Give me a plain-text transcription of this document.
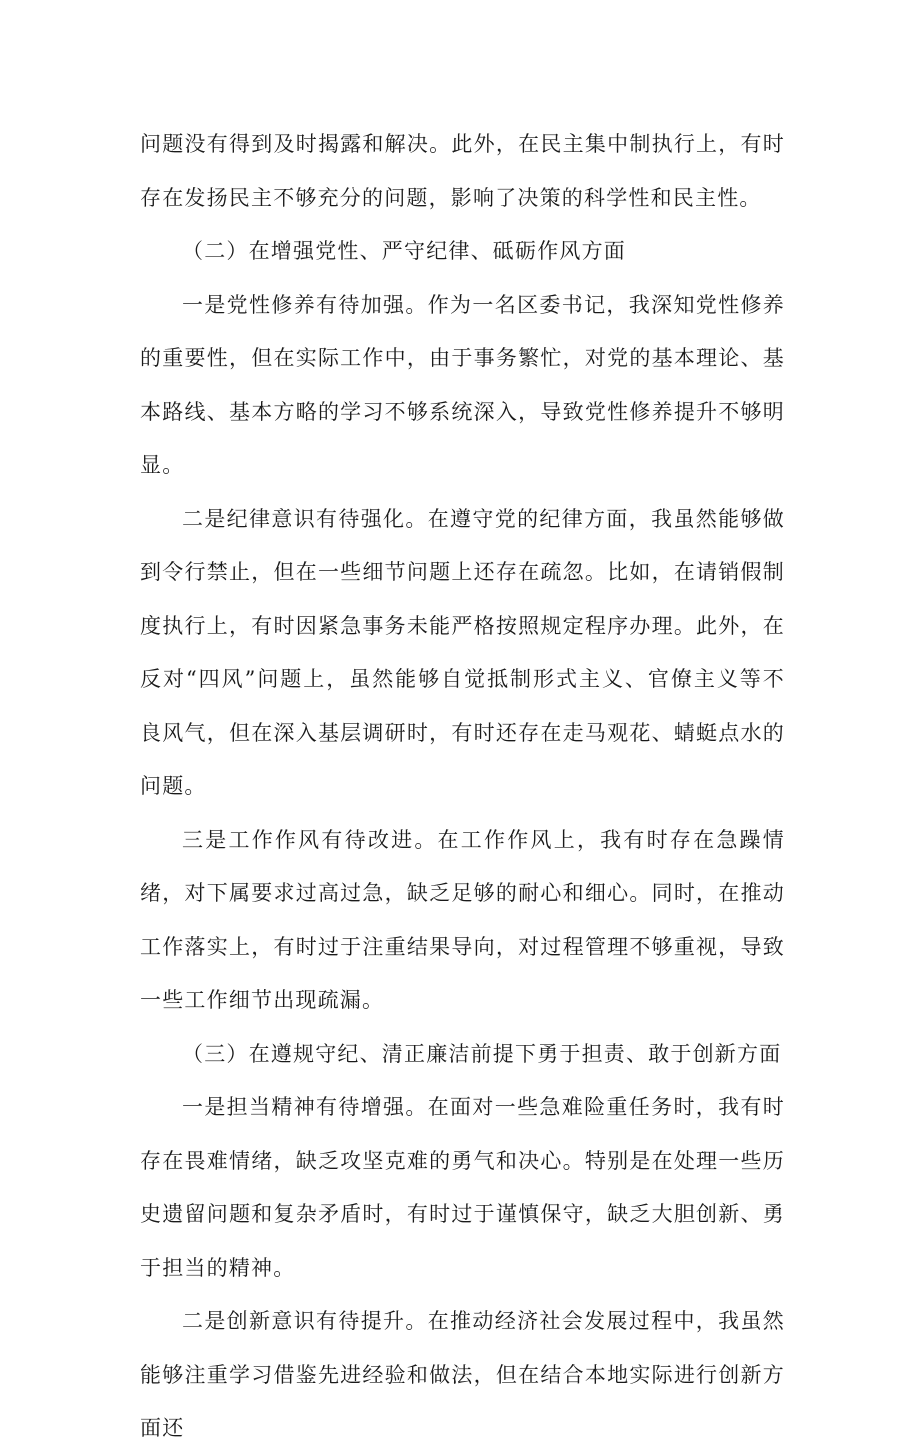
问题没有得到及时揭露和解决。此外，在民主集中制执行上，有时存在发扬民主不够充分的问题，影响了决策的科学性和民主性。

（二）在增强党性、严守纪律、砥砺作风方面

一是党性修养有待加强。作为一名区委书记，我深知党性修养的重要性，但在实际工作中，由于事务繁忙，对党的基本理论、基本路线、基本方略的学习不够系统深入，导致党性修养提升不够明显。

二是纪律意识有待强化。在遵守党的纪律方面，我虽然能够做到令行禁止，但在一些细节问题上还存在疏忽。比如，在请销假制度执行上，有时因紧急事务未能严格按照规定程序办理。此外，在反对“四风”问题上，虽然能够自觉抵制形式主义、官僚主义等不良风气，但在深入基层调研时，有时还存在走马观花、蜻蜓点水的问题。

三是工作作风有待改进。在工作作风上，我有时存在急躁情绪，对下属要求过高过急，缺乏足够的耐心和细心。同时，在推动工作落实上，有时过于注重结果导向，对过程管理不够重视，导致一些工作细节出现疏漏。

（三）在遵规守纪、清正廉洁前提下勇于担责、敢于创新方面

一是担当精神有待增强。在面对一些急难险重任务时，我有时存在畏难情绪，缺乏攻坚克难的勇气和决心。特别是在处理一些历史遗留问题和复杂矛盾时，有时过于谨慎保守，缺乏大胆创新、勇于担当的精神。

二是创新意识有待提升。在推动经济社会发展过程中，我虽然能够注重学习借鉴先进经验和做法，但在结合本地实际进行创新方面还
